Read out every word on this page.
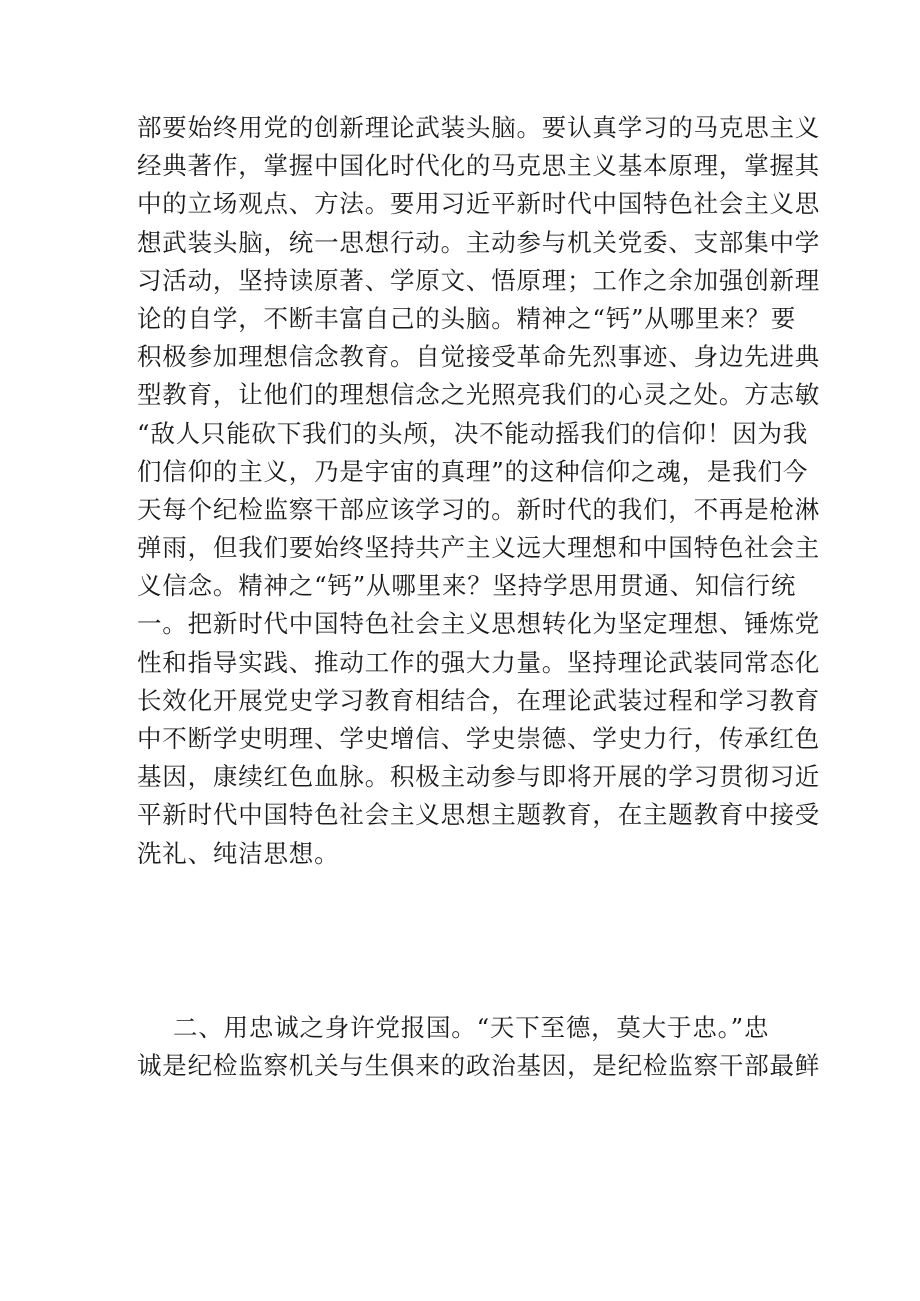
部要始终用党的创新理论武装头脑。要认真学习的马克思主义
经典著作，掌握中国化时代化的马克思主义基本原理，掌握其
中的立场观点、方法。要用习近平新时代中国特色社会主义思
想武装头脑，统一思想行动。主动参与机关党委、支部集中学
习活动，坚持读原著、学原文、悟原理；工作之余加强创新理
论的自学，不断丰富自己的头脑。精神之“钙”从哪里来？要
积极参加理想信念教育。自觉接受革命先烈事迹、身边先进典
型教育，让他们的理想信念之光照亮我们的心灵之处。方志敏
“敌人只能砍下我们的头颅，决不能动摇我们的信仰！因为我
们信仰的主义，乃是宇宙的真理”的这种信仰之魂，是我们今
天每个纪检监察干部应该学习的。新时代的我们，不再是枪淋
弹雨，但我们要始终坚持共产主义远大理想和中国特色社会主
义信念。精神之“钙”从哪里来？坚持学思用贯通、知信行统
一。把新时代中国特色社会主义思想转化为坚定理想、锤炼党
性和指导实践、推动工作的强大力量。坚持理论武装同常态化
长效化开展党史学习教育相结合，在理论武装过程和学习教育
中不断学史明理、学史增信、学史崇德、学史力行，传承红色
基因，康续红色血脉。积极主动参与即将开展的学习贯彻习近
平新时代中国特色社会主义思想主题教育，在主题教育中接受
洗礼、纯洁思想。
二、用忠诚之身许党报国。“天下至德，莫大于忠。”忠
诚是纪检监察机关与生俱来的政治基因，是纪检监察干部最鲜
